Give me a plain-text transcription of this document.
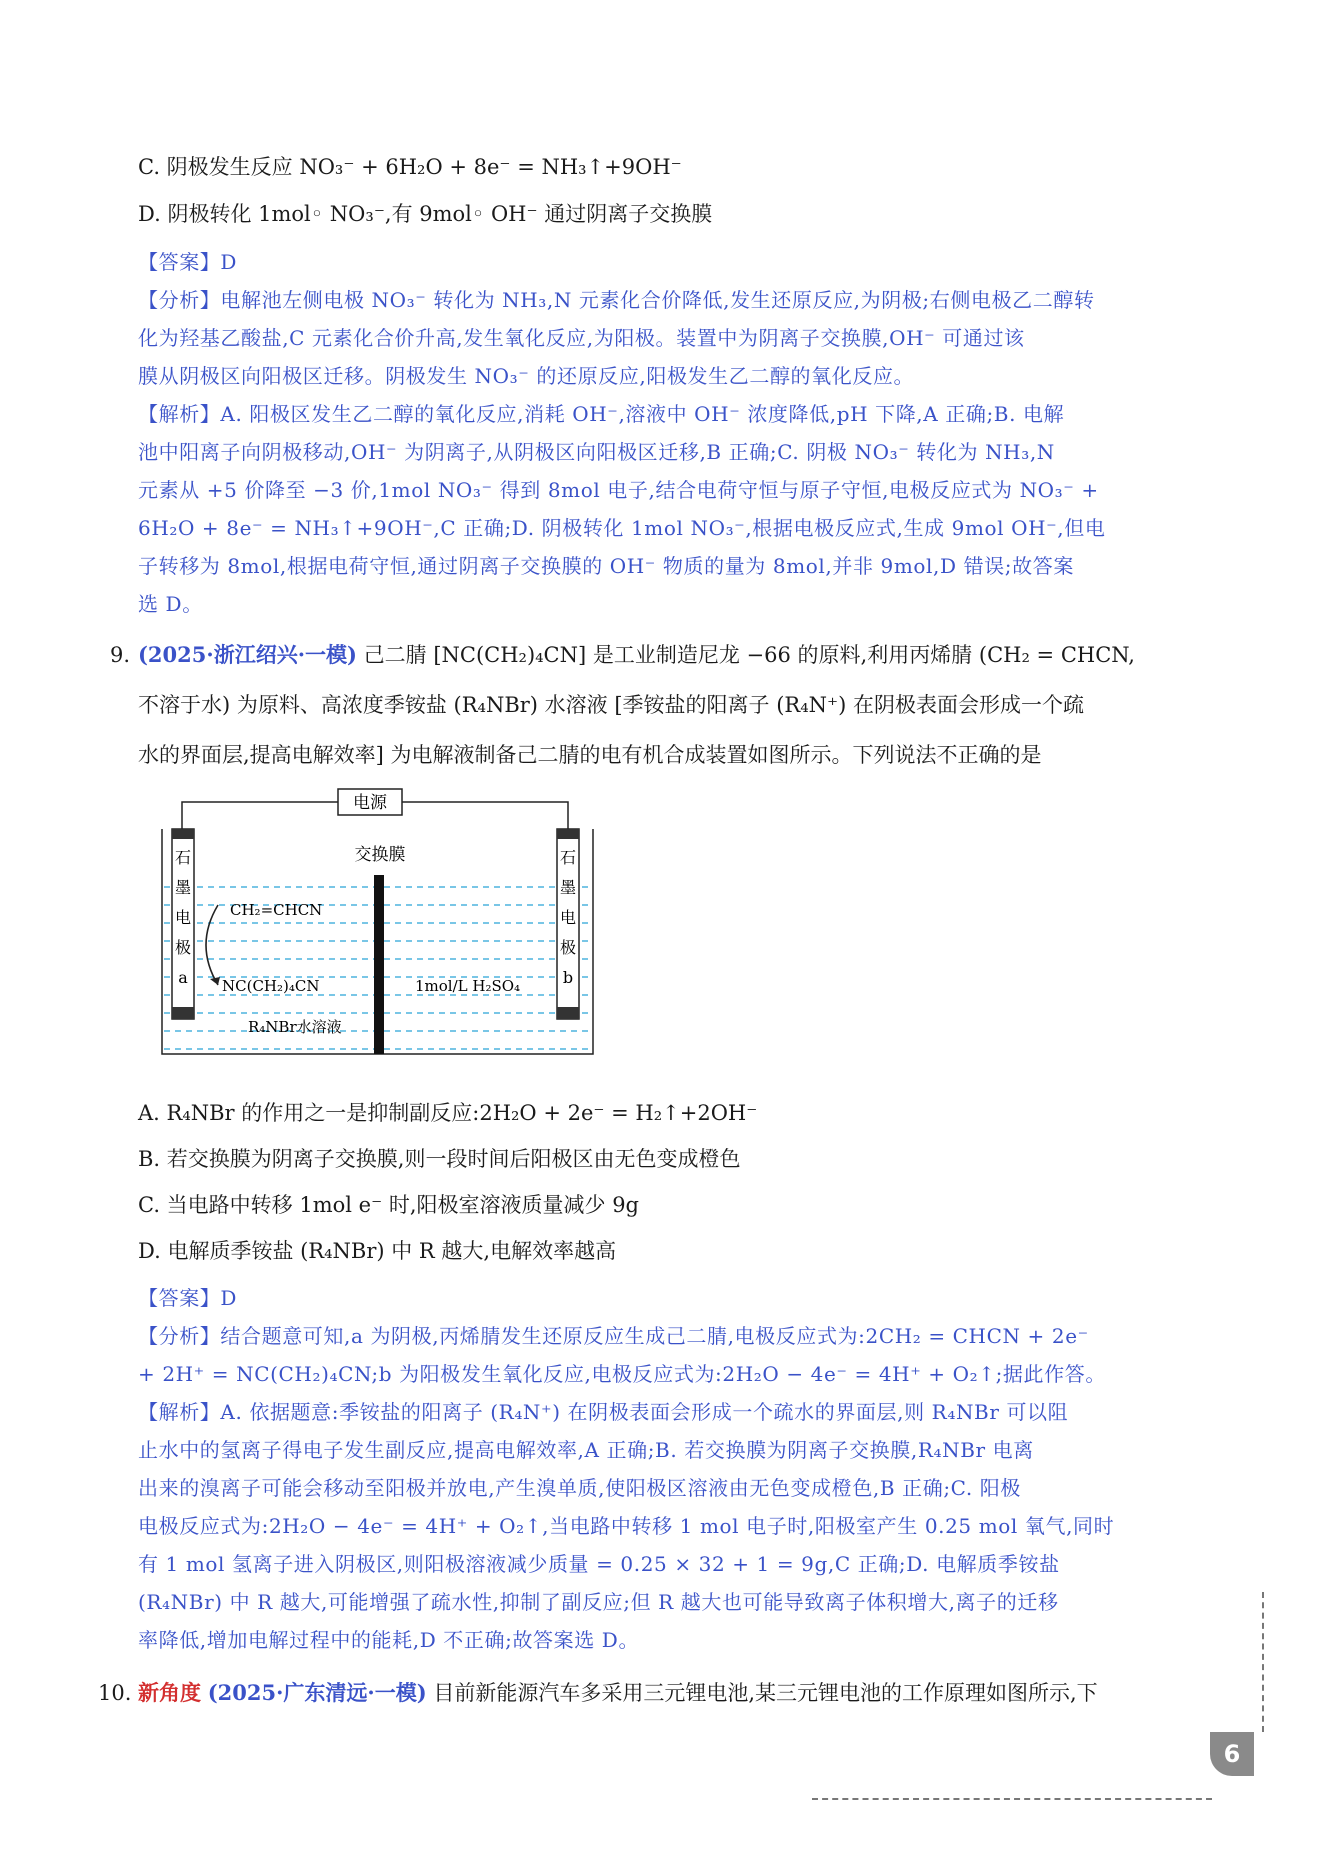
C. 阴极发生反应 NO₃⁻ + 6H₂O + 8e⁻ = NH₃↑+9OH⁻
D. 阴极转化 1mol◦ NO₃⁻,有 9mol◦ OH⁻ 通过阴离子交换膜
【答案】D
【分析】电解池左侧电极 NO₃⁻ 转化为 NH₃,N 元素化合价降低,发生还原反应,为阴极;右侧电极乙二醇转
化为羟基乙酸盐,C 元素化合价升高,发生氧化反应,为阳极。装置中为阴离子交换膜,OH⁻ 可通过该
膜从阴极区向阳极区迁移。阴极发生 NO₃⁻ 的还原反应,阳极发生乙二醇的氧化反应。
【解析】A. 阳极区发生乙二醇的氧化反应,消耗 OH⁻,溶液中 OH⁻ 浓度降低,pH 下降,A 正确;B. 电解
池中阳离子向阴极移动,OH⁻ 为阴离子,从阴极区向阳极区迁移,B 正确;C. 阴极 NO₃⁻ 转化为 NH₃,N
元素从 +5 价降至 −3 价,1mol NO₃⁻ 得到 8mol 电子,结合电荷守恒与原子守恒,电极反应式为 NO₃⁻ +
6H₂O + 8e⁻ = NH₃↑+9OH⁻,C 正确;D. 阴极转化 1mol NO₃⁻,根据电极反应式,生成 9mol OH⁻,但电
子转移为 8mol,根据电荷守恒,通过阴离子交换膜的 OH⁻ 物质的量为 8mol,并非 9mol,D 错误;故答案
选 D。
9. (2025·浙江绍兴·一模) 己二腈 [NC(CH₂)₄CN] 是工业制造尼龙 −66 的原料,利用丙烯腈 (CH₂ = CHCN,
不溶于水) 为原料、高浓度季铵盐 (R₄NBr) 水溶液 [季铵盐的阳离子 (R₄N⁺) 在阴极表面会形成一个疏
水的界面层,提高电解效率] 为电解液制备己二腈的电有机合成装置如图所示。下列说法不正确的是
电源
交换膜
石
墨
电
极
a
石
墨
电
极
b
CH₂=CHCN
NC(CH₂)₄CN	1mol/L H₂SO₄
R₄NBr水溶液
A. R₄NBr 的作用之一是抑制副反应:2H₂O + 2e⁻ = H₂↑+2OH⁻
B. 若交换膜为阴离子交换膜,则一段时间后阳极区由无色变成橙色
C. 当电路中转移 1mol e⁻ 时,阳极室溶液质量减少 9g
D. 电解质季铵盐 (R₄NBr) 中 R 越大,电解效率越高
【答案】D
【分析】结合题意可知,a 为阴极,丙烯腈发生还原反应生成己二腈,电极反应式为:2CH₂ = CHCN + 2e⁻
+ 2H⁺ = NC(CH₂)₄CN;b 为阳极发生氧化反应,电极反应式为:2H₂O − 4e⁻ = 4H⁺ + O₂↑;据此作答。
【解析】A. 依据题意:季铵盐的阳离子 (R₄N⁺) 在阴极表面会形成一个疏水的界面层,则 R₄NBr 可以阻
止水中的氢离子得电子发生副反应,提高电解效率,A 正确;B. 若交换膜为阴离子交换膜,R₄NBr 电离
出来的溴离子可能会移动至阳极并放电,产生溴单质,使阳极区溶液由无色变成橙色,B 正确;C. 阳极
电极反应式为:2H₂O − 4e⁻ = 4H⁺ + O₂↑,当电路中转移 1 mol 电子时,阳极室产生 0.25 mol 氧气,同时
有 1 mol 氢离子进入阴极区,则阳极溶液减少质量 = 0.25 × 32 + 1 = 9g,C 正确;D. 电解质季铵盐
(R₄NBr) 中 R 越大,可能增强了疏水性,抑制了副反应;但 R 越大也可能导致离子体积增大,离子的迁移
率降低,增加电解过程中的能耗,D 不正确;故答案选 D。
10. 新角度 (2025·广东清远·一模) 目前新能源汽车多采用三元锂电池,某三元锂电池的工作原理如图所示,下
6
